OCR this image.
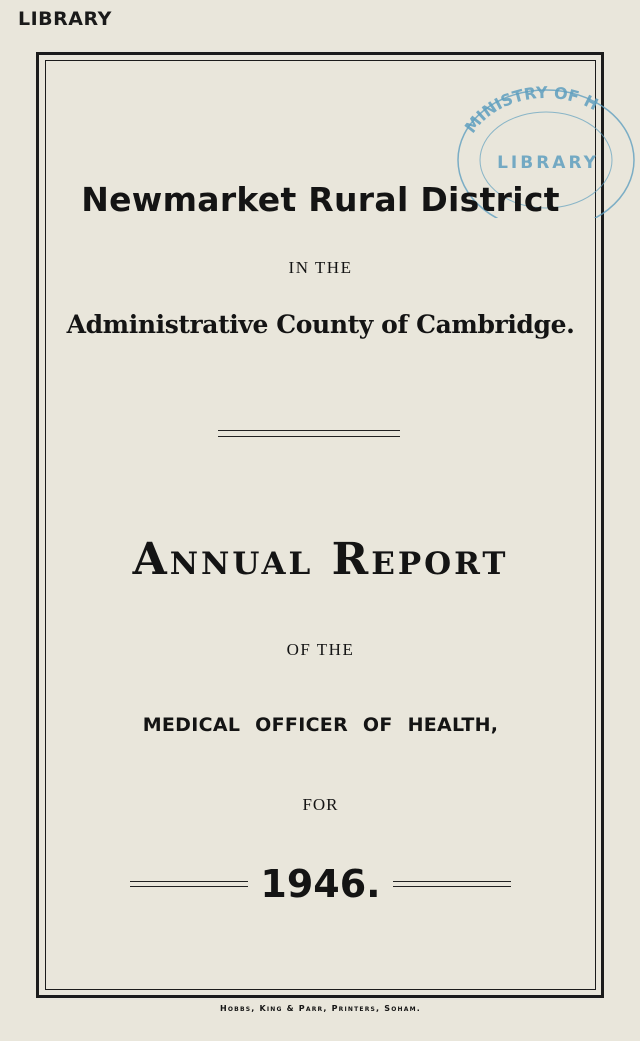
LIBRARY
MINISTRY OF H
LIBRARY
Newmarket Rural District
IN THE
Administrative County of Cambridge.
Annual Report
OF THE
MEDICAL OFFICER OF HEALTH,
FOR
1946.
Hobbs, King & Parr, Printers, Soham.
